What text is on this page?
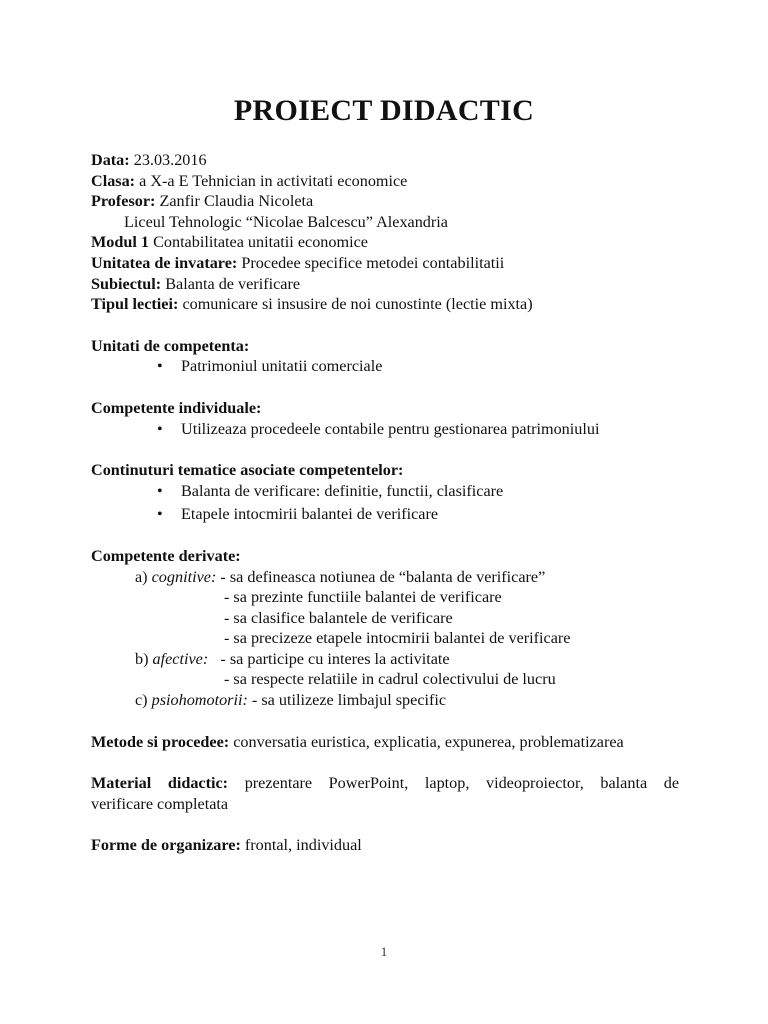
PROIECT DIDACTIC
Data: 23.03.2016
Clasa: a X-a E Tehnician in activitati economice
Profesor: Zanfir Claudia Nicoleta
Liceul Tehnologic “Nicolae Balcescu” Alexandria
Modul 1 Contabilitatea unitatii economice
Unitatea de invatare: Procedee specifice metodei contabilitatii
Subiectul: Balanta de verificare
Tipul lectiei: comunicare si insusire de noi cunostinte (lectie mixta)
Unitati de competenta:
• Patrimoniul unitatii comerciale
Competente individuale:
• Utilizeaza procedeele contabile pentru gestionarea patrimoniului
Continuturi tematice asociate competentelor:
• Balanta de verificare: definitie, functii, clasificare
• Etapele intocmirii balantei de verificare
Competente derivate:
a) cognitive: - sa defineasca notiunea de “balanta de verificare”
- sa prezinte functiile balantei de verificare
- sa clasifice balantele de verificare
- sa precizeze etapele intocmirii balantei de verificare
b) afective: - sa participe cu interes la activitate
- sa respecte relatiile in cadrul colectivului de lucru
c) psiohomotorii: - sa utilizeze limbajul specific
Metode si procedee: conversatia euristica, explicatia, expunerea, problematizarea
Material didactic: prezentare PowerPoint, laptop, videoproiector, balanta de
verificare completata
Forme de organizare: frontal, individual
1
